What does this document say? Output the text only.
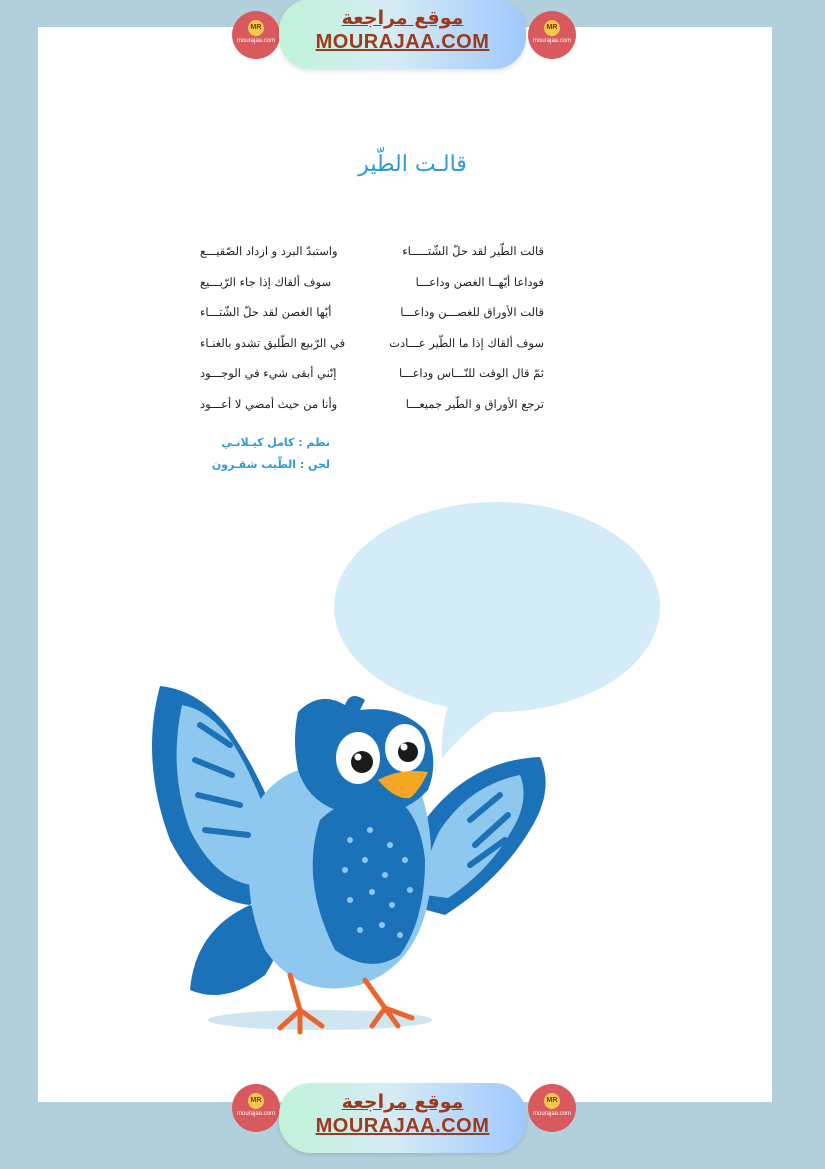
MR
mourajaa.com
موقع مراجعة
MOURAJAA.COM
MR
mourajaa.com
قالـت الطّير
قالت الطّير لقد حلّ الشّتـــــاء
واستبدّ البرد و ازداد الصّقيـــع
فوداعا أيّهــا الغصن وداعـــا
سوف ألقاك إذا جاء الرّبـــيع
قالت الأوراق للغصـــن وداعـــا
أيّها الغصن لقد حلّ الشّتـــاء
سوف ألقاك إذا ما الطّير عـــادت
في الرّبيع الطّليق تشدو بالغنـاء
ثمّ قال الوقت للنّـــاس وداعـــا
إنّني أبقى شيء في الوجـــود
ترجع الأوراق و الطّير جميعـــا
وأنا من حيث أمضي لا أعـــود
نظم : كامل كيـلانـي
لحن : الطّيب شقـرون
MR
mourajaa.com
موقع مراجعة
MOURAJAA.COM
MR
mourajaa.com
